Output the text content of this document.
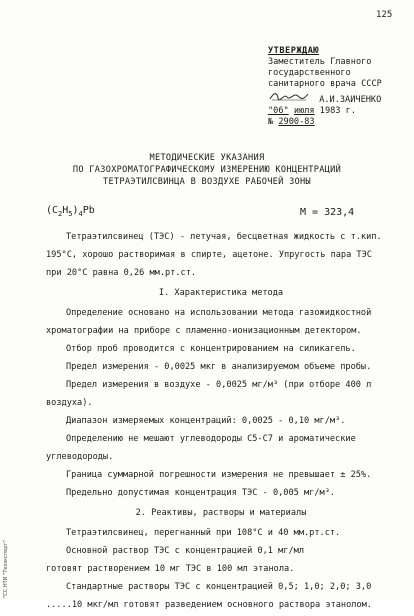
125
УТВЕРЖДАЮ
Заместитель Главного
государственного
санитарного врача СССР
А.И.ЗАИЧЕНКО
"06" июля 1983 г.
№ 2900-83
МЕТОДИЧЕСКИЕ УКАЗАНИЯ
ПО ГАЗОХРОМАТОГРАФИЧЕСКОМУ ИЗМЕРЕНИЮ КОНЦЕНТРАЦИЙ
ТЕТРАЭТИЛСВИНЦА В ВОЗДУХЕ РАБОЧЕЙ ЗОНЫ
$(C_2H_5)_4Pb$	М = 323,4

Тетраэтилсвинец (ТЭС) - летучая, бесцветная жидкость с т.кип.

195°С, хорошо растворимая в спирте, ацетоне. Упругость пара ТЭС

при 20°С равна 0,26 мм.рт.ст.

I. Характеристика метода

Определение основано на использовании метода газожидкостной

хроматографии на приборе с пламенно-ионизационным детектором.

Отбор проб проводится с концентрированием на силикагель.

Предел измерения - 0,0025 мкг в анализируемом объеме пробы.

Предел измерения в воздухе - 0,0025 мг/м³ (при отборе 400 л

воздуха).

Диапазон измеряемых концентраций: 0,0025 - 0,10 мг/м³.

Определению не мешают углеводороды C5-C7 и ароматические

углеводороды.

Граница суммарной погрешности измерения не превышает ± 25%.

Предельно допустимая концентрация ТЭС - 0,005 мг/м³.

2. Реактивы, растворы и материалы

Тетраэтилсвинец, перегнанный при 108°С и 40 мм.рт.ст.

Основной раствор ТЭС с концентрацией 0,1 мг/мл

готовят растворением 10 мг ТЭС в 100 мл этанола.

Стандартные растворы ТЭС с концентрацией 0,5; 1,0; 2,0; 3,0

.....10 мкг/мл готовят разведением основного раствора этанолом.

"СС НТИ "Техэксперт"
